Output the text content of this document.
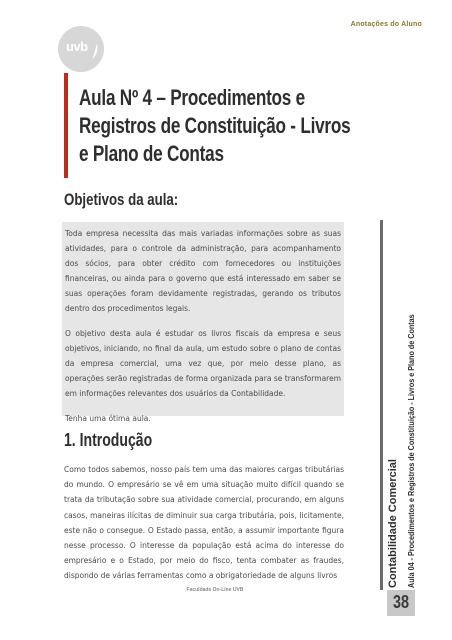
Anotações do Aluno
uvb
Aula Nº 4 – Procedimentos e
Registros de Constituição - Livros
e Plano de Contas
Objetivos da aula:

Toda empresa necessita das mais variadas informações sobre as suas atividades, para o controle da administração, para acompanhamento dos sócios, para obter crédito com fornecedores ou instituições financeiras, ou ainda para o governo que está interessado em saber se suas operações foram devidamente registradas, gerando os tributos dentro dos procedimentos legais.

O objetivo desta aula é estudar os livros fiscais da empresa e seus objetivos, iniciando, no final da aula, um estudo sobre o plano de contas da empresa comercial, uma vez que, por meio desse plano, as operações serão registradas de forma organizada para se transformarem em informações relevantes dos usuários da Contabilidade.

Tenha uma ótima aula.

1. Introdução
Como todos sabemos, nosso país tem uma das maiores cargas tributárias do mundo. O empresário se vê em uma situação muito difícil quando se trata da tributação sobre sua atividade comercial, procurando, em alguns casos, maneiras ilícitas de diminuir sua carga tributária, pois, licitamente, este não o consegue. O Estado passa, então, a assumir importante figura nesse processo. O interesse da população está acima do interesse do empresário e o Estado, por meio do fisco, tenta combater as fraudes, dispondo de várias ferramentas como a obrigatoriedade de alguns livros
Faculdade On-Line UVB
Contabilidade Comercial Aula 04 - Procedimentos e Registros de Constituição - Livros e Plano de Contas
38
